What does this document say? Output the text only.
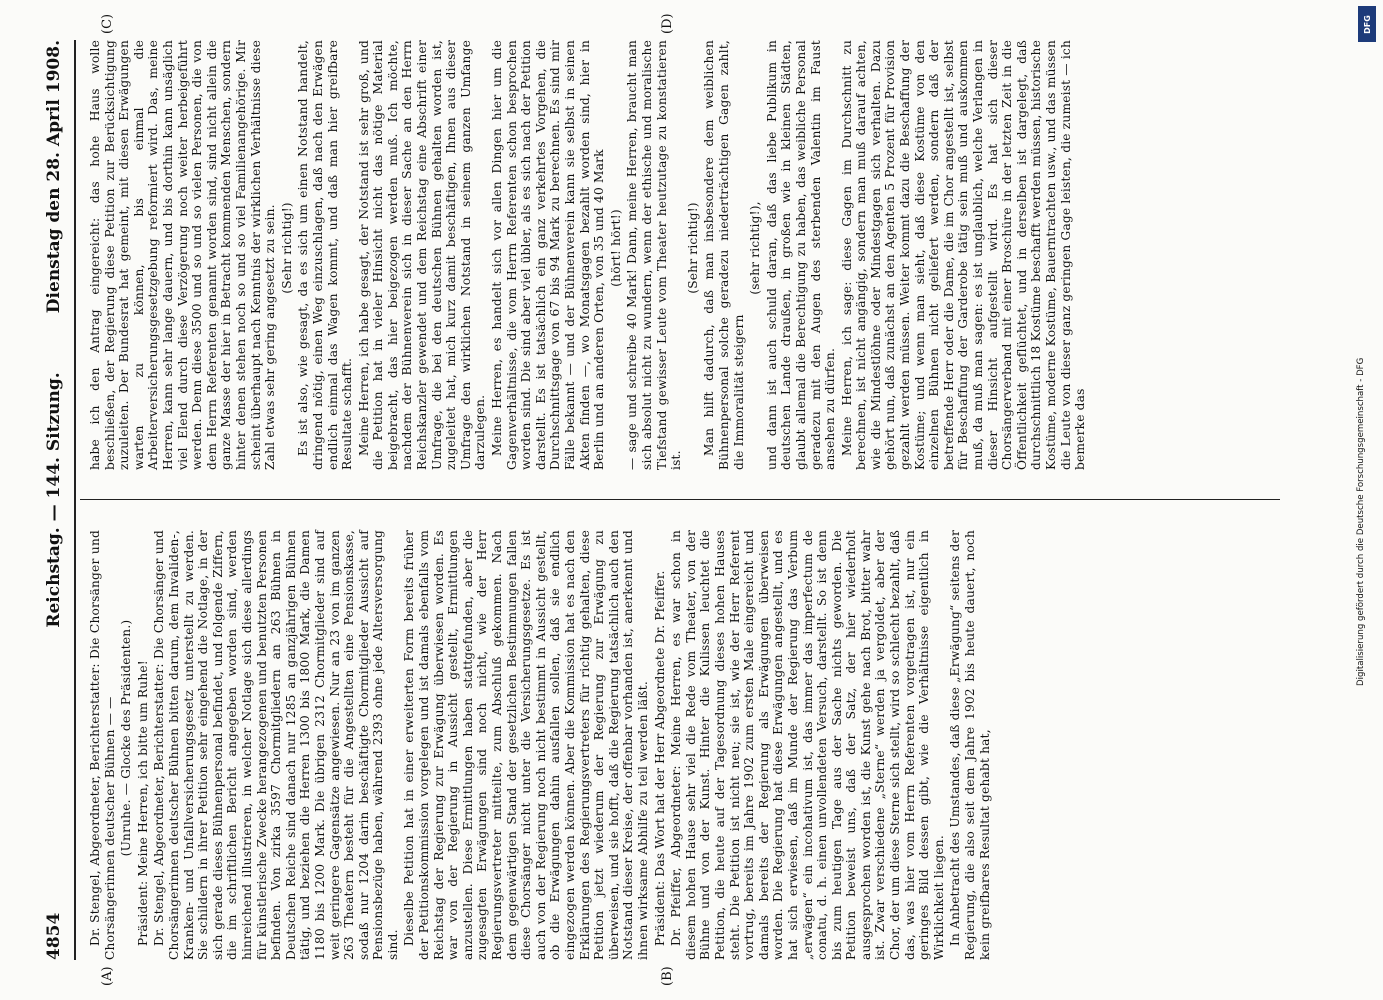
4854
Reichstag. — 144. Sitzung.
Dienstag den 28. April 1908.
(A)	(B)
(C)	(D)

Dr. Stengel, Abgeordneter, Berichterstatter: Die Chorsänger und Chorsängerinnen deutscher Bühnen — — (Unruhe. — Glocke des Präsidenten.) Präsident: Meine Herren, ich bitte um Ruhe! Dr. Stengel, Abgeordneter, Berichterstatter: Die Chorsänger und Chorsängerinnen deutscher Bühnen bitten darum, dem Invaliden-, Kranken- und Unfallversicherungsgesetz unterstellt zu werden. Sie schildern in ihrer Petition sehr eingehend die Notlage, in der sich gerade dieses Bühnenpersonal befindet, und folgende Ziffern, die im schriftlichen Bericht angegeben worden sind, werden hinreichend illustrieren, in welcher Notlage sich diese allerdings für künstlerische Zwecke herangezogenen und benutzten Personen befinden. Von zirka 3597 Chormitgliedern an 263 Bühnen in Deutschen Reiche sind danach nur 1285 an ganzjährigen Bühnen tätig, und beziehen die Herren 1300 bis 1800 Mark, die Damen 1180 bis 1200 Mark. Die übrigen 2312 Chormitglieder sind auf weit geringere Gagensätze angewiesen. Nur an 23 von im ganzen 263 Theatern besteht für die Angestellten eine Pensionskasse, sodaß nur 1204 darin beschäftigte Chormitglieder Aussicht auf Pensionsbezüge haben, während 2393 ohne jede Altersversorgung sind. Dieselbe Petition hat in einer erweiterten Form bereits früher der Petitionskommission vorgelegen und ist damals ebenfalls vom Reichstag der Regierung zur Erwägung überwiesen worden. Es war von der Regierung in Aussicht gestellt, Ermittlungen anzustellen. Diese Ermittlungen haben stattgefunden, aber die zugesagten Erwägungen sind noch nicht, wie der Herr Regierungsvertreter mitteilte, zum Abschluß gekommen. Nach dem gegenwärtigen Stand der gesetzlichen Bestimmungen fallen diese Chorsänger nicht unter die Versicherungsgesetze. Es ist auch von der Regierung noch nicht bestimmt in Aussicht gestellt, ob die Erwägungen dahin ausfallen sollen, daß sie endlich eingezogen werden können. Aber die Kommission hat es nach den Erklärungen des Regierungsvertreters für richtig gehalten, diese Petition jetzt wiederum der Regierung zur Erwägung zu überweisen, und sie hofft, daß die Regierung tatsächlich auch den Notstand dieser Kreise, der offenbar vorhanden ist, anerkennt und ihnen wirksame Abhilfe zu teil werden läßt. Präsident: Das Wort hat der Herr Abgeordnete Dr. Pfeiffer. Dr. Pfeiffer, Abgeordneter: Meine Herren, es war schon in diesem hohen Hause sehr viel die Rede vom Theater, von der Bühne und von der Kunst. Hinter die Kulissen leuchtet die Petition, die heute auf der Tagesordnung dieses hohen Hauses steht. Die Petition ist nicht neu; sie ist, wie der Herr Referent vortrug, bereits im Jahre 1902 zum ersten Male eingereicht und damals bereits der Regierung als Erwägungen überweisen worden. Die Regierung hat diese Erwägungen angestellt, und es hat sich erwiesen, daß im Munde der Regierung das Verbum „erwägen“ ein incohativum ist, das immer das imperfectum de conatu, d. h. einen unvollendeten Versuch, darstellt. So ist denn bis zum heutigen Tage aus der Sache nichts geworden. Die Petition beweist uns, daß der Satz, der hier wiederholt ausgesprochen worden ist, die Kunst gehe nach Brot, bitter wahr ist. Zwar verschiedene „Sterne“ werden ja vergoldet, aber der Chor, der um diese Sterne sich stellt, wird so schlecht bezahlt, daß das, was hier vom Herrn Referenten vorgetragen ist, nur ein geringes Bild dessen gibt, wie die Verhältnisse eigentlich in Wirklichkeit liegen. In Anbetracht des Umstandes, daß diese „Erwägung“ seitens der Regierung, die also seit dem Jahre 1902 bis heute dauert, noch kein greifbares Resultat gehabt hat,

habe ich den Antrag eingereicht: das hohe Haus wolle beschließen, der Regierung diese Petition zur Berücksichtigung zuzuleiten. Der Bundesrat hat gemeint, mit diesen Erwägungen warten zu können, bis einmal die Arbeiterversicherungsgesetzgebung reformiert wird. Das, meine Herren, kann sehr lange dauern, und bis dorthin kann unsäglich viel Elend durch diese Verzögerung noch weiter herbeigeführt werden. Denn diese 3500 und so und so vielen Personen, die von dem Herrn Referenten genannt worden sind, sind nicht allein die ganze Masse der hier in Betracht kommenden Menschen, sondern hinter denen stehen noch so und so viel Familienangehörige. Mir scheint überhaupt nach Kenntnis der wirklichen Verhältnisse diese Zahl etwas sehr gering angesetzt zu sein. (Sehr richtig!) Es ist also, wie gesagt, da es sich um einen Notstand handelt, dringend nötig, einen Weg einzuschlagen, daß nach den Erwägen endlich einmal das Wagen kommt, und daß man hier greifbare Resultate schafft. Meine Herren, ich habe gesagt, der Notstand ist sehr groß, und die Petition hat in vieler Hinsicht nicht das nötige Material beigebracht, das hier beigezogen werden muß. Ich möchte, nachdem der Bühnenverein sich in dieser Sache an den Herrn Reichskanzler gewendet und dem Reichstag eine Abschrift einer Umfrage, die bei den deutschen Bühnen gehalten worden ist, zugeleitet hat, mich kurz damit beschäftigen, Ihnen aus dieser Umfrage den wirklichen Notstand in seinem ganzen Umfange darzulegen. Meine Herren, es handelt sich vor allen Dingen hier um die Gagenverhältnisse, die vom Herrn Referenten schon besprochen worden sind. Die sind aber viel übler, als es sich nach der Petition darstellt. Es ist tatsächlich ein ganz verkehrtes Vorgehen, die Durchschnittsgage von 67 bis 94 Mark zu berechnen. Es sind mir Fälle bekannt — und der Bühnenverein kann sie selbst in seinen Akten finden —, wo Monatsgagen bezahlt worden sind, hier in Berlin und an anderen Orten, von 35 und 40 Mark (hört! hört!) — sage und schreibe 40 Mark! Dann, meine Herren, braucht man sich absolut nicht zu wundern, wenn der ethische und moralische Tiefstand gewisser Leute vom Theater heutzutage zu konstatieren ist.

(Sehr richtig!) Man hilft dadurch, daß man insbesondere dem weiblichen Bühnenpersonal solche geradezu niederträchtigen Gagen zahlt, die Immoralität steigern

(sehr richtig!), und dann ist auch schuld daran, daß das liebe Publikum in deutschen Lande draußen, in großen wie in kleinen Städten, glaubt allemal die Berechtigung zu haben, das weibliche Personal geradezu mit den Augen des sterbenden Valentin im Faust ansehen zu dürfen. Meine Herren, ich sage: diese Gagen im Durchschnitt zu berechnen, ist nicht angängig, sondern man muß darauf achten, wie die Mindestlöhne oder Mindestgagen sich verhalten. Dazu gehört nun, daß zunächst an den Agenten 5 Prozent für Provision gezahlt werden müssen. Weiter kommt dazu die Beschaffung der Kostüme; und wenn man sieht, daß diese Kostüme von den einzelnen Bühnen nicht geliefert werden, sondern daß der betreffende Herr oder die Dame, die im Chor angestellt ist, selbst für Beschaffung der Garderobe tätig sein muß und auskommen muß, da muß man sagen: es ist unglaublich, welche Verlangen in dieser Hinsicht aufgestellt wird. Es hat sich dieser Chorsängerverband mit einer Broschüre in der letzten Zeit in die Öffentlichkeit geflüchtet, und in derselben ist dargelegt, daß durchschnittlich 18 Kostüme beschafft werden müssen, historische Kostüme, moderne Kostüme, Bauerntrachten usw., und das müssen die Leute von dieser ganz geringen Gage leisten, die zumeist — ich bemerke das

DFG
Digitalisierung gefördert durch die Deutsche Forschungsgemeinschaft - DFG
